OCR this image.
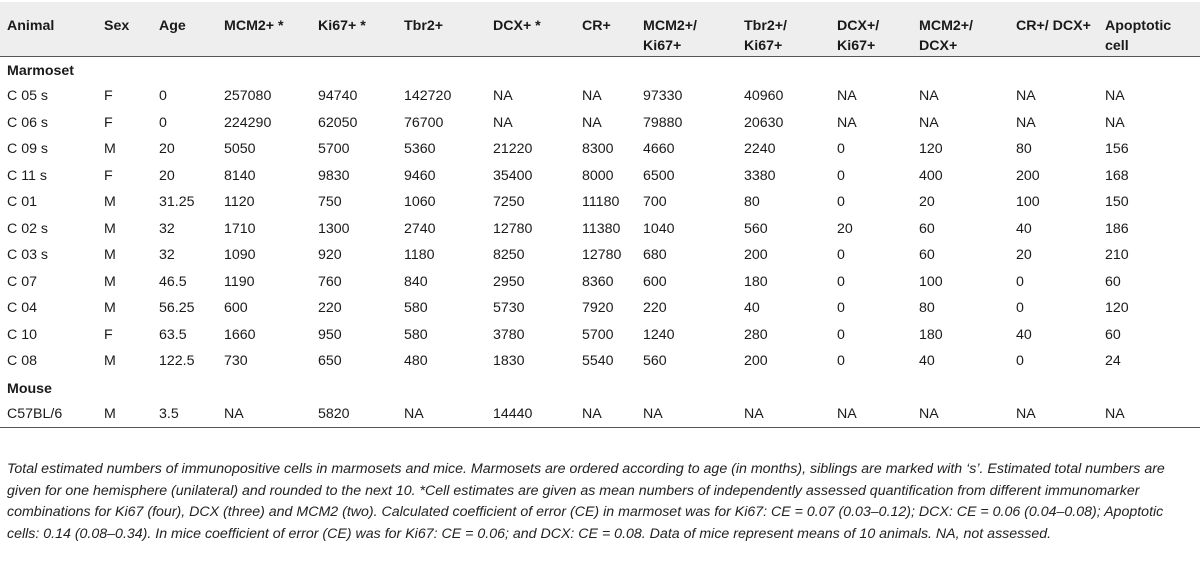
Animal	Sex	Age	MCM2+ *	Ki67+ *	Tbr2+	DCX+ *	CR+	MCM2+/ Ki67+	Tbr2+/ Ki67+	DCX+/ Ki67+	MCM2+/ DCX+	CR+/ DCX+	Apoptotic cell
Marmoset													
C 05 s	F	0	257080	94740	142720	NA	NA	97330	40960	NA	NA	NA	NA
C 06 s	F	0	224290	62050	76700	NA	NA	79880	20630	NA	NA	NA	NA
C 09 s	M	20	5050	5700	5360	21220	8300	4660	2240	0	120	80	156
C 11 s	F	20	8140	9830	9460	35400	8000	6500	3380	0	400	200	168
C 01	M	31.25	1120	750	1060	7250	11180	700	80	0	20	100	150
C 02 s	M	32	1710	1300	2740	12780	11380	1040	560	20	60	40	186
C 03 s	M	32	1090	920	1180	8250	12780	680	200	0	60	20	210
C 07	M	46.5	1190	760	840	2950	8360	600	180	0	100	0	60
C 04	M	56.25	600	220	580	5730	7920	220	40	0	80	0	120
C 10	F	63.5	1660	950	580	3780	5700	1240	280	0	180	40	60
C 08	M	122.5	730	650	480	1830	5540	560	200	0	40	0	24
Mouse													
C57BL/6	M	3.5	NA	5820	NA	14440	NA	NA	NA	NA	NA	NA	NA
Total estimated numbers of immunopositive cells in marmosets and mice. Marmosets are ordered according to age (in months), siblings are marked with ‘s’. Estimated total numbers are given for one hemisphere (unilateral) and rounded to the next 10. *Cell estimates are given as mean numbers of independently assessed quantification from different immunomarker combinations for Ki67 (four), DCX (three) and MCM2 (two). Calculated coefficient of error (CE) in marmoset was for Ki67: CE = 0.07 (0.03–0.12); DCX: CE = 0.06 (0.04–0.08); Apoptotic cells: 0.14 (0.08–0.34). In mice coefficient of error (CE) was for Ki67: CE = 0.06; and DCX: CE = 0.08. Data of mice represent means of 10 animals. NA, not assessed.
